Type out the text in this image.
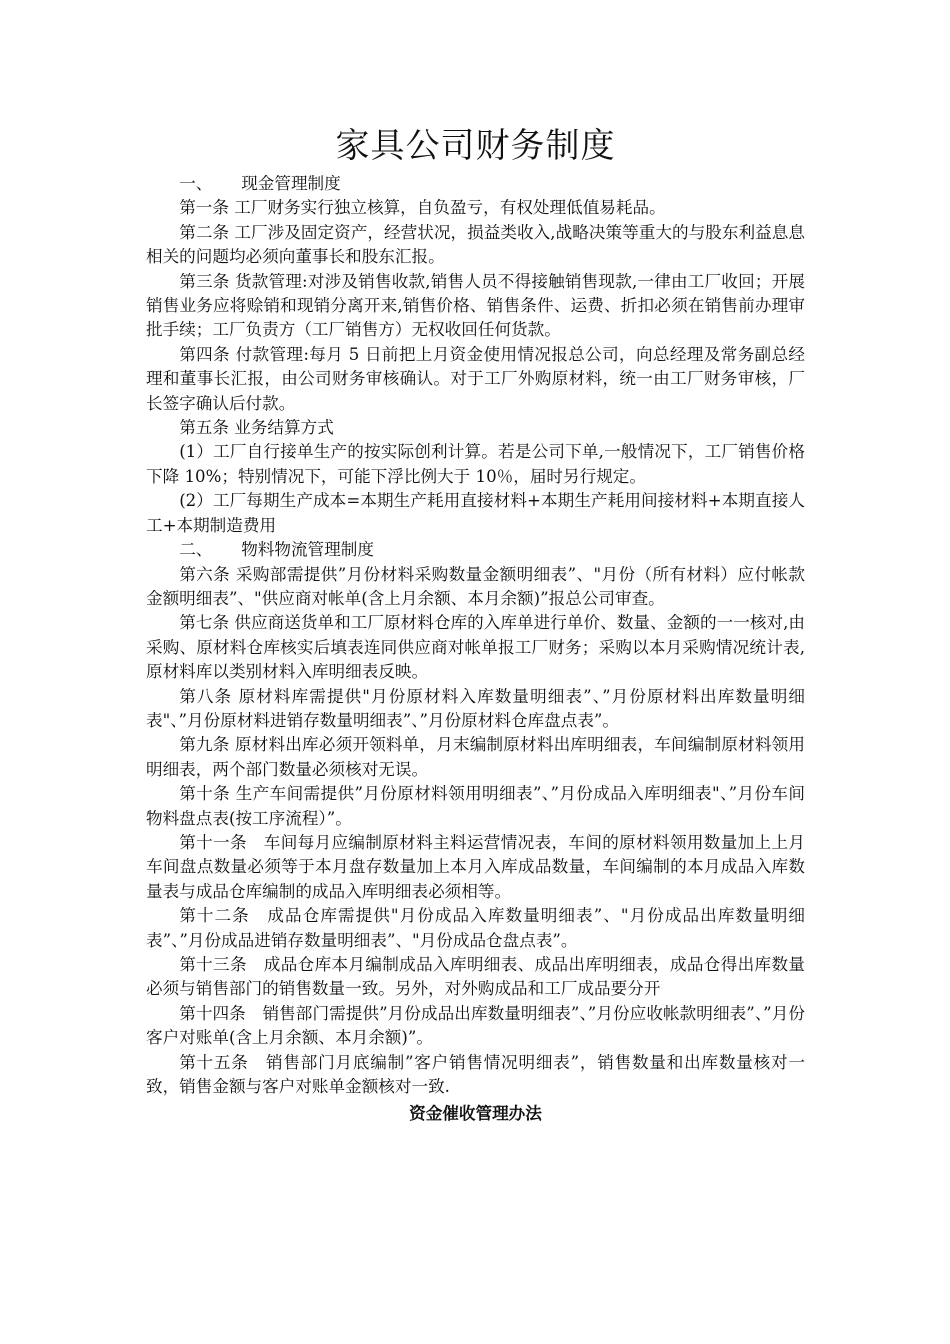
家具公司财务制度

一、 现金管理制度

第一条 工厂财务实行独立核算，自负盈亏，有权处理低值易耗品。

第二条 工厂涉及固定资产，经营状况，损益类收入,战略决策等重大的与股东利益息息相关的问题均必须向董事长和股东汇报。

第三条 货款管理:对涉及销售收款,销售人员不得接触销售现款,一律由工厂收回；开展销售业务应将赊销和现销分离开来,销售价格、销售条件、运费、折扣必须在销售前办理审批手续；工厂负责方（工厂销售方）无权收回任何货款。

第四条 付款管理:每月 5 日前把上月资金使用情况报总公司，向总经理及常务副总经理和董事长汇报，由公司财务审核确认。对于工厂外购原材料，统一由工厂财务审核，厂长签字确认后付款。

第五条 业务结算方式

(1）工厂自行接单生产的按实际创利计算。若是公司下单,一般情况下，工厂销售价格下降 10%；特别情况下，可能下浮比例大于 10％，届时另行规定。

(2）工厂每期生产成本=本期生产耗用直接材料+本期生产耗用间接材料+本期直接人工+本期制造费用

二、 物料物流管理制度

第六条 采购部需提供”月份材料采购数量金额明细表”、"月份（所有材料）应付帐款金额明细表”、"供应商对帐单(含上月余额、本月余额)”报总公司审查。

第七条 供应商送货单和工厂原材料仓库的入库单进行单价、数量、金额的一一核对,由采购、原材料仓库核实后填表连同供应商对帐单报工厂财务；采购以本月采购情况统计表,原材料库以类别材料入库明细表反映。

第八条 原材料库需提供"月份原材料入库数量明细表”、”月份原材料出库数量明细表"、”月份原材料进销存数量明细表”、”月份原材料仓库盘点表”。

第九条 原材料出库必须开领料单，月末编制原材料出库明细表，车间编制原材料领用明细表，两个部门数量必须核对无误。

第十条 生产车间需提供”月份原材料领用明细表”、”月份成品入库明细表"、”月份车间物料盘点表(按工序流程）”。

第十一条　车间每月应编制原材料主料运营情况表，车间的原材料领用数量加上上月车间盘点数量必须等于本月盘存数量加上本月入库成品数量，车间编制的本月成品入库数量表与成品仓库编制的成品入库明细表必须相等。

第十二条　成品仓库需提供"月份成品入库数量明细表”、"月份成品出库数量明细表”、”月份成品进销存数量明细表”、"月份成品仓盘点表”。

第十三条　成品仓库本月编制成品入库明细表、成品出库明细表，成品仓得出库数量必须与销售部门的销售数量一致。另外，对外购成品和工厂成品要分开

第十四条　销售部门需提供”月份成品出库数量明细表”、”月份应收帐款明细表”、”月份客户对账单(含上月余额、本月余额)”。

第十五条　销售部门月底编制”客户销售情况明细表”，销售数量和出库数量核对一致，销售金额与客户对账单金额核对一致.

资金催收管理办法
